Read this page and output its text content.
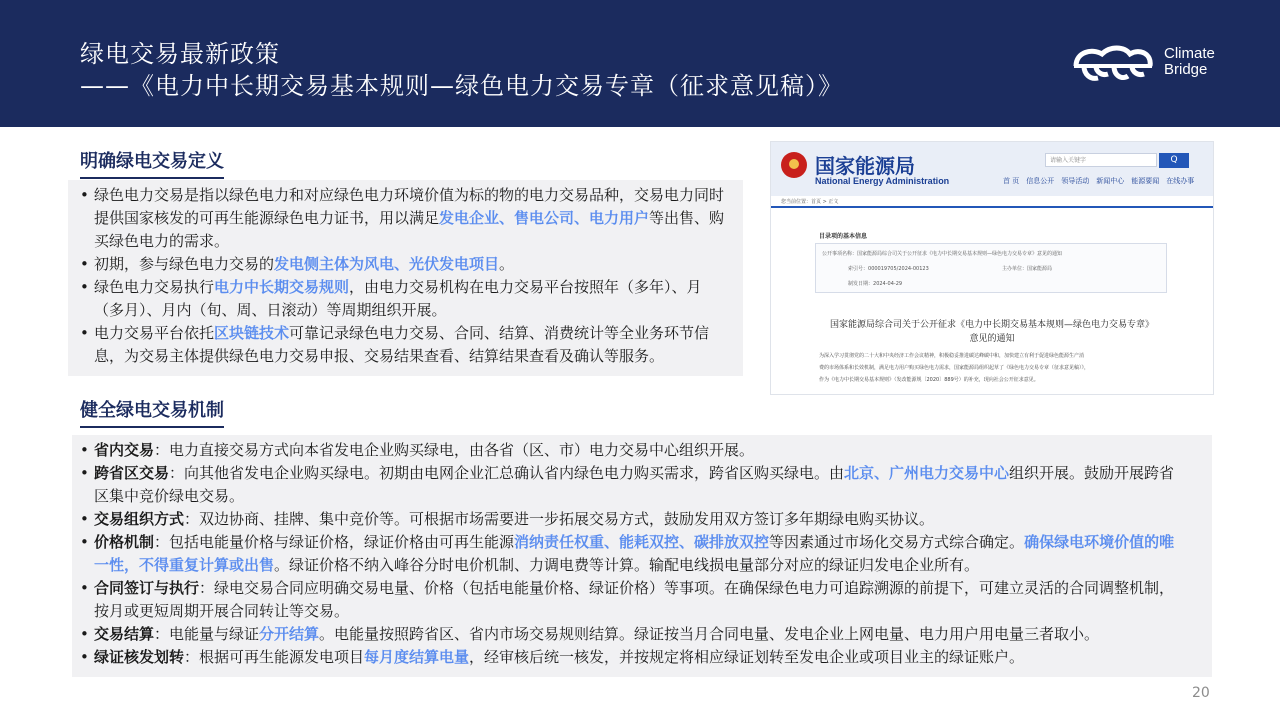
绿电交易最新政策
——《电力中长期交易基本规则—绿色电力交易专章（征求意见稿）》
Climate
Bridge
明确绿电交易定义
• 绿色电力交易是指以绿色电力和对应绿色电力环境价值为标的物的电力交易品种，交易电力同时提供国家核发的可再生能源绿色电力证书，用以满足发电企业、售电公司、电力用户等出售、购买绿色电力的需求。
• 初期，参与绿色电力交易的发电侧主体为风电、光伏发电项目。
• 绿色电力交易执行电力中长期交易规则，由电力交易机构在电力交易平台按照年（多年）、月（多月）、月内（旬、周、日滚动）等周期组织开展。
• 电力交易平台依托区块链技术可靠记录绿色电力交易、合同、结算、消费统计等全业务环节信息，为交易主体提供绿色电力交易申报、交易结果查看、结算结果查看及确认等服务。
国家能源局
National Energy Administration
请输入关键字	Q
首 页　信息公开　领导活动　新闻中心　能源要闻　在线办事
您当前位置：首页 > 正文
目录项的基本信息
公开事项名称：国家能源局综合司关于公开征求《电力中长期交易基本规则—绿色电力交易专章》意见的通知
索引号：000019705/2024-00123	主办单位：国家能源局
制发日期：2024-04-29
国家能源局综合司关于公开征求《电力中长期交易基本规则—绿色电力交易专章》
意见的通知
为深入学习贯彻党的二十大和中央经济工作会议精神，积极稳妥推进碳达峰碳中和，加快建立有利于促进绿色能源生产消
费的市场体系和长效机制，满足电力用户购买绿色电力需求，国家能源局组织起草了《绿色电力交易专章（征求意见稿）》，
作为《电力中长期交易基本规则》（发改能源规〔2020〕889号）的补充，现向社会公开征求意见。
健全绿电交易机制
• 省内交易：电力直接交易方式向本省发电企业购买绿电，由各省（区、市）电力交易中心组织开展。
• 跨省区交易：向其他省发电企业购买绿电。初期由电网企业汇总确认省内绿色电力购买需求，跨省区购买绿电。由北京、广州电力交易中心组织开展。鼓励开展跨省区集中竞价绿电交易。
• 交易组织方式：双边协商、挂牌、集中竞价等。可根据市场需要进一步拓展交易方式，鼓励发用双方签订多年期绿电购买协议。
• 价格机制：包括电能量价格与绿证价格，绿证价格由可再生能源消纳责任权重、能耗双控、碳排放双控等因素通过市场化交易方式综合确定。确保绿电环境价值的唯一性，不得重复计算或出售。绿证价格不纳入峰谷分时电价机制、力调电费等计算。输配电线损电量部分对应的绿证归发电企业所有。
• 合同签订与执行：绿电交易合同应明确交易电量、价格（包括电能量价格、绿证价格）等事项。在确保绿色电力可追踪溯源的前提下，可建立灵活的合同调整机制，按月或更短周期开展合同转让等交易。
• 交易结算：电能量与绿证分开结算。电能量按照跨省区、省内市场交易规则结算。绿证按当月合同电量、发电企业上网电量、电力用户用电量三者取小。
• 绿证核发划转：根据可再生能源发电项目每月度结算电量，经审核后统一核发，并按规定将相应绿证划转至发电企业或项目业主的绿证账户。
20
